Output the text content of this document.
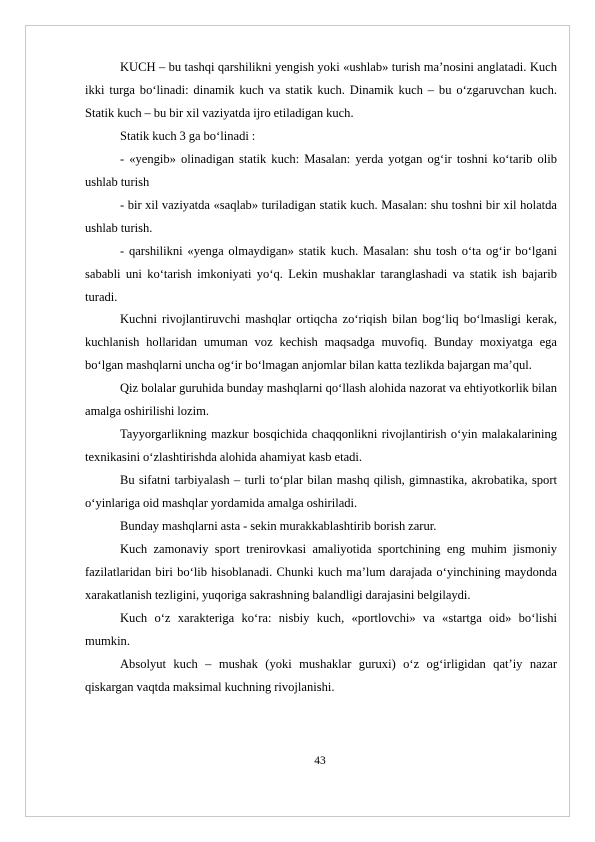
KUCH – bu tashqi qarshilikni yengish yoki «ushlab» turish ma’nosini anglatadi. Kuch ikki turga bo‘linadi: dinamik kuch va statik kuch. Dinamik kuch – bu o‘zgaruvchan kuch. Statik kuch – bu bir xil vaziyatda ijro etiladigan kuch.

Statik kuch 3 ga bo‘linadi :

- «yengib» olinadigan statik kuch: Masalan: yerda yotgan og‘ir toshni ko‘tarib olib ushlab turish

- bir xil vaziyatda «saqlab» turiladigan statik kuch. Masalan: shu toshni bir xil holatda ushlab turish.

- qarshilikni «yenga olmaydigan» statik kuch. Masalan: shu tosh o‘ta og‘ir bo‘lgani sababli uni ko‘tarish imkoniyati yo‘q. Lekin mushaklar taranglashadi va statik ish bajarib turadi.

Kuchni rivojlantiruvchi mashqlar ortiqcha zo‘riqish bilan bog‘liq bo‘lmasligi kerak, kuchlanish hollaridan umuman voz kechish maqsadga muvofiq. Bunday moxiyatga ega bo‘lgan mashqlarni uncha og‘ir bo‘lmagan anjomlar bilan katta tezlikda bajargan ma’qul.

Qiz bolalar guruhida bunday mashqlarni qo‘llash alohida nazorat va ehtiyotkorlik bilan amalga oshirilishi lozim.

Tayyorgarlikning mazkur bosqichida chaqqonlikni rivojlantirish o‘yin malakalarining texnikasini o‘zlashtirishda alohida ahamiyat kasb etadi.

Bu sifatni tarbiyalash – turli to‘plar bilan mashq qilish, gimnastika, akrobatika, sport o‘yinlariga oid mashqlar yordamida amalga oshiriladi.

Bunday mashqlarni asta - sekin murakkablashtirib borish zarur.

Kuch zamonaviy sport trenirovkasi amaliyotida sportchining eng muhim jismoniy fazilatlaridan biri bo‘lib hisoblanadi. Chunki kuch ma’lum darajada o‘yinchining maydonda xarakatlanish tezligini, yuqoriga sakrashning balandligi darajasini belgilaydi.

Kuch o‘z xarakteriga ko‘ra: nisbiy kuch, «portlovchi» va «startga oid» bo‘lishi mumkin.

Absolyut kuch – mushak (yoki mushaklar guruxi) o‘z og‘irligidan qat’iy nazar qiskargan vaqtda maksimal kuchning rivojlanishi.

43
